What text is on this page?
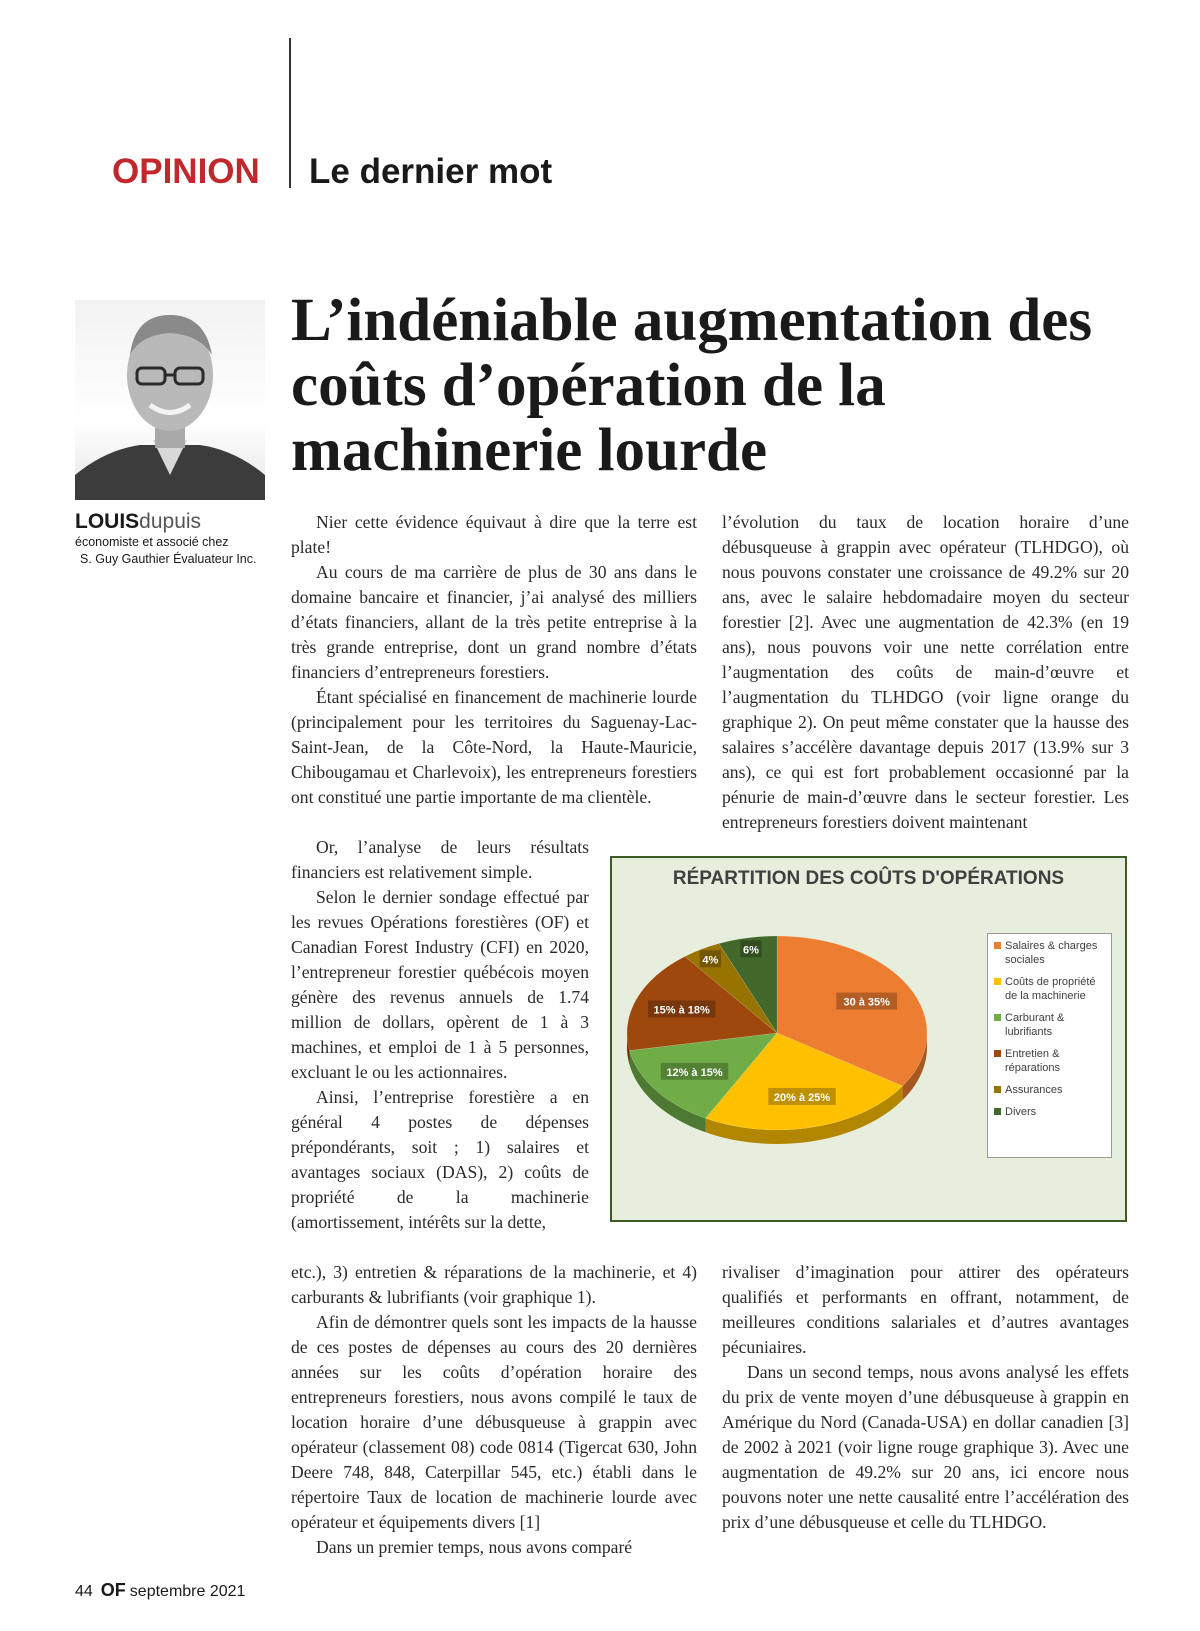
OPINION Le dernier mot
LOUISdupuis
économiste et associé chez
S. Guy Gauthier Évaluateur Inc.
L’indéniable augmentation des coûts d’opération de la machinerie lourde

Nier cette évidence équivaut à dire que la terre est plate!

Au cours de ma carrière de plus de 30 ans dans le domaine bancaire et financier, j’ai analysé des milliers d’états financiers, allant de la très petite entreprise à la très grande entreprise, dont un grand nombre d’états financiers d’entrepreneurs forestiers.

Étant spécialisé en financement de machinerie lourde (principalement pour les territoires du Saguenay-Lac-Saint-Jean, de la Côte-Nord, la Haute-Mauricie, Chibougamau et Charlevoix), les entrepreneurs forestiers ont constitué une partie importante de ma clientèle.

Or, l’analyse de leurs résultats financiers est relativement simple.

Selon le dernier sondage effectué par les revues Opérations forestières (OF) et Canadian Forest Industry (CFI) en 2020, l’entrepreneur forestier québécois moyen génère des revenus annuels de 1.74 million de dollars, opèrent de 1 à 3 machines, et emploi de 1 à 5 personnes, excluant le ou les actionnaires.

Ainsi, l’entreprise forestière a en général 4 postes de dépenses prépondérants, soit ; 1) salaires et avantages sociaux (DAS), 2) coûts de propriété de la machinerie (amortissement, intérêts sur la dette,

etc.), 3) entretien & réparations de la machinerie, et 4) carburants & lubrifiants (voir graphique 1).

Afin de démontrer quels sont les impacts de la hausse de ces postes de dépenses au cours des 20 dernières années sur les coûts d’opération horaire des entrepreneurs forestiers, nous avons compilé le taux de location horaire d’une débusqueuse à grappin avec opérateur (classement 08) code 0814 (Tigercat 630, John Deere 748, 848, Caterpillar 545, etc.) établi dans le répertoire Taux de location de machinerie lourde avec opérateur et équipements divers [1]

Dans un premier temps, nous avons comparé

l’évolution du taux de location horaire d’une débusqueuse à grappin avec opérateur (TLHDGO), où nous pouvons constater une croissance de 49.2% sur 20 ans, avec le salaire hebdomadaire moyen du secteur forestier [2]. Avec une augmentation de 42.3% (en 19 ans), nous pouvons voir une nette corrélation entre l’augmentation des coûts de main-d’œuvre et l’augmentation du TLHDGO (voir ligne orange du graphique 2). On peut même constater que la hausse des salaires s’accélère davantage depuis 2017 (13.9% sur 3 ans), ce qui est fort probablement occasionné par la pénurie de main-d’œuvre dans le secteur forestier. Les entrepreneurs forestiers doivent maintenant

rivaliser d’imagination pour attirer des opérateurs qualifiés et performants en offrant, notamment, de meilleures conditions salariales et d’autres avantages pécuniaires.

Dans un second temps, nous avons analysé les effets du prix de vente moyen d’une débusqueuse à grappin en Amérique du Nord (Canada-USA) en dollar canadien [3] de 2002 à 2021 (voir ligne rouge graphique 3). Avec une augmentation de 49.2% sur 20 ans, ici encore nous pouvons noter une nette causalité entre l’accélération des prix d’une débusqueuse et celle du TLHDGO.

RÉPARTITION DES COÛTS D'OPÉRATIONS
30 à 35%
20% à 25%
12% à 15%
15% à 18%
4%
6%	Salaires & charges sociales
Coûts de propriété de la machinerie
Carburant & lubrifiants
Entretien & réparations
Assurances
Divers
44 OF septembre 2021
